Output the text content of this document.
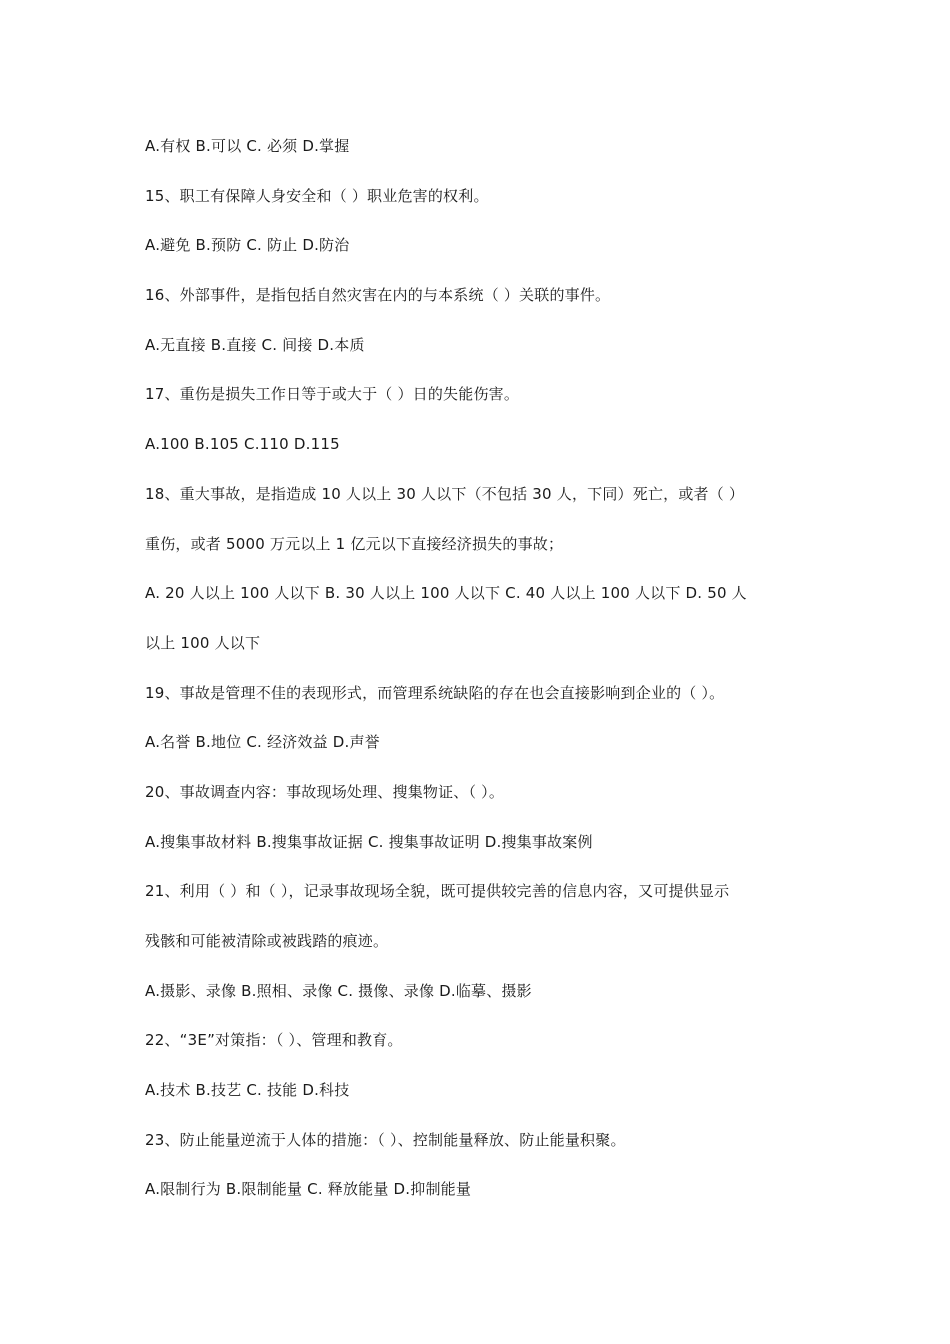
A.有权 B.可以 C. 必须 D.掌握
15、职工有保障人身安全和（ ）职业危害的权利。
A.避免 B.预防 C. 防止 D.防治
16、外部事件，是指包括自然灾害在内的与本系统（ ）关联的事件。
A.无直接 B.直接 C. 间接 D.本质
17、重伤是损失工作日等于或大于（ ）日的失能伤害。
A.100 B.105 C.110 D.115
18、重大事故，是指造成 10 人以上 30 人以下（不包括 30 人，下同）死亡，或者（ ）
重伤，或者 5000 万元以上 1 亿元以下直接经济损失的事故；
A. 20 人以上 100 人以下 B. 30 人以上 100 人以下 C. 40 人以上 100 人以下 D. 50 人
以上 100 人以下
19、事故是管理不佳的表现形式，而管理系统缺陷的存在也会直接影响到企业的（ ）。
A.名誉 B.地位 C. 经济效益 D.声誉
20、事故调查内容：事故现场处理、搜集物证、（ ）。
A.搜集事故材料 B.搜集事故证据 C. 搜集事故证明 D.搜集事故案例
21、利用（ ）和（ ），记录事故现场全貌，既可提供较完善的信息内容，又可提供显示
残骸和可能被清除或被践踏的痕迹。
A.摄影、录像 B.照相、录像 C. 摄像、录像 D.临摹、摄影
22、“3E”对策指：（ ）、管理和教育。
A.技术 B.技艺 C. 技能 D.科技
23、防止能量逆流于人体的措施：（ ）、控制能量释放、防止能量积聚。
A.限制行为 B.限制能量 C. 释放能量 D.抑制能量
